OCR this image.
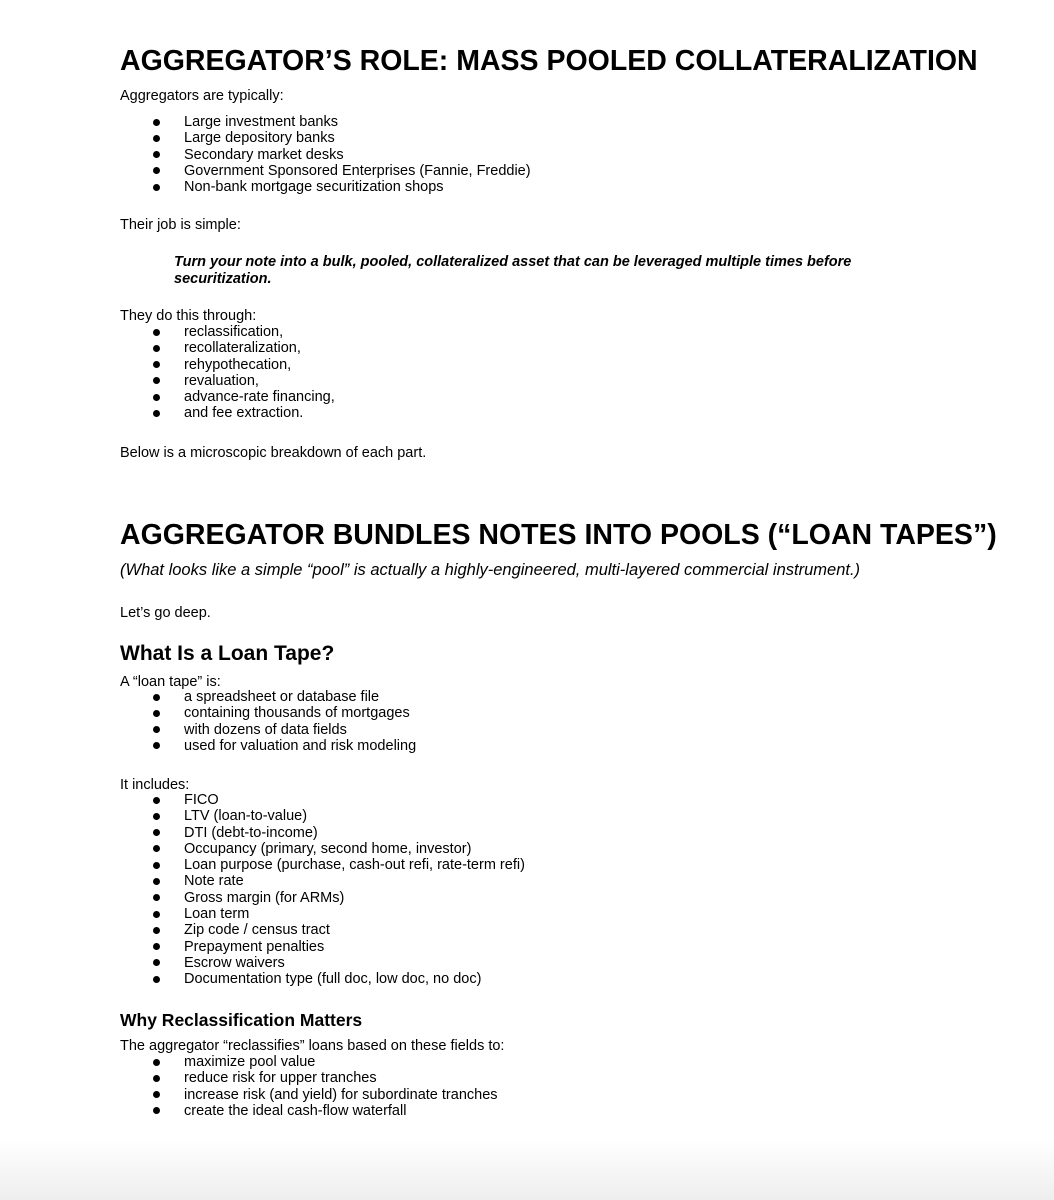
AGGREGATOR’S ROLE: MASS POOLED COLLATERALIZATION

Aggregators are typically:

Large investment banks
Large depository banks
Secondary market desks
Government Sponsored Enterprises (Fannie, Freddie)
Non-bank mortgage securitization shops

Their job is simple:

Turn your note into a bulk, pooled, collateralized asset that can be leveraged multiple times before securitization.

They do this through:

reclassification,
recollateralization,
rehypothecation,
revaluation,
advance-rate financing,
and fee extraction.

Below is a microscopic breakdown of each part.

AGGREGATOR BUNDLES NOTES INTO POOLS (“LOAN TAPES”)

(What looks like a simple “pool” is actually a highly-engineered, multi-layered commercial instrument.)

Let’s go deep.

What Is a Loan Tape?

A “loan tape” is:

a spreadsheet or database file
containing thousands of mortgages
with dozens of data fields
used for valuation and risk modeling

It includes:

FICO
LTV (loan-to-value)
DTI (debt-to-income)
Occupancy (primary, second home, investor)
Loan purpose (purchase, cash-out refi, rate-term refi)
Note rate
Gross margin (for ARMs)
Loan term
Zip code / census tract
Prepayment penalties
Escrow waivers
Documentation type (full doc, low doc, no doc)
Why Reclassification Matters

The aggregator “reclassifies” loans based on these fields to:

maximize pool value
reduce risk for upper tranches
increase risk (and yield) for subordinate tranches
create the ideal cash-flow waterfall
